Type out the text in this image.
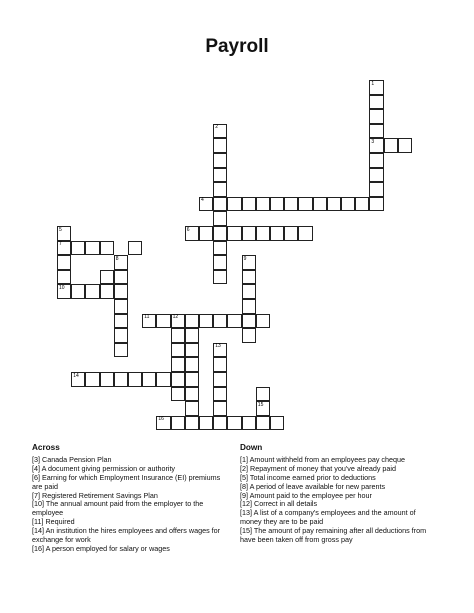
Payroll
1
3
2
4
5
7
10
6
8	9
11	12
13
14
15
16
Across
[3] Canada Pension Plan
[4] A document giving permission or authority
[6] Earning for which Employment Insurance (EI) premiums are paid
[7] Registered Retirement Savings Plan
[10] The annual amount paid from the employer to the employee
[11] Required
[14] An institution the hires employees and offers wages for exchange for work
[16] A person employed for salary or wages
Down
[1] Amount withheld from an employees pay cheque
[2] Repayment of money that you've already paid
[5] Total income earned prior to deductions
[8] A period of leave available for new parents
[9] Amount paid to the employee per hour
[12] Correct in all details
[13] A list of a company's employees and the amount of money they are to be paid
[15] The amount of pay remaining after all deductions from have been taken off from gross pay
